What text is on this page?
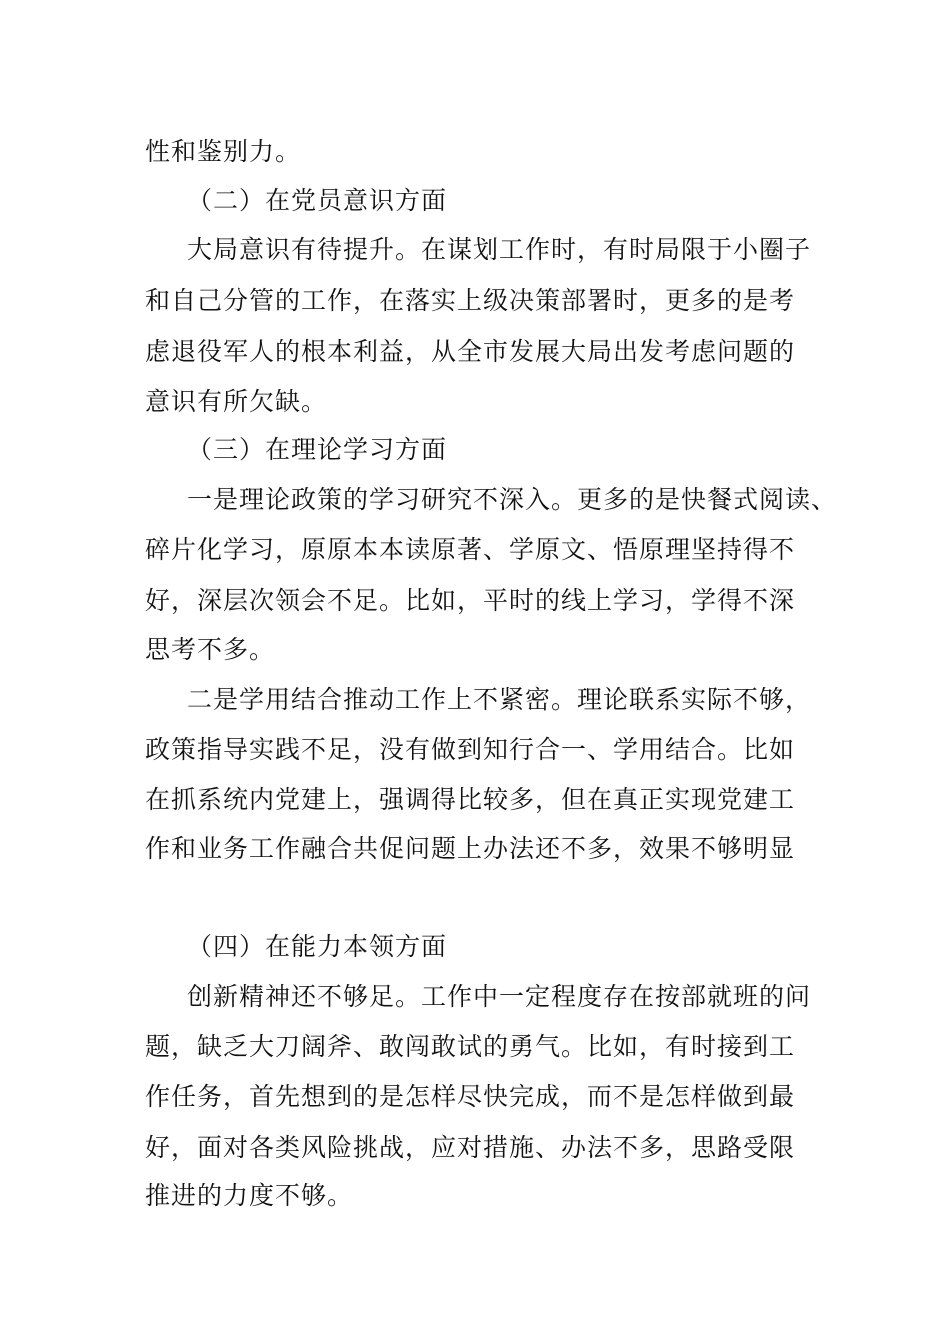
性和鉴别力。
（二）在党员意识方面
大局意识有待提升。在谋划工作时，有时局限于小圈子
和自己分管的工作，在落实上级决策部署时，更多的是考
虑退役军人的根本利益，从全市发展大局出发考虑问题的
意识有所欠缺。
（三）在理论学习方面
一是理论政策的学习研究不深入。更多的是快餐式阅读、
碎片化学习，原原本本读原著、学原文、悟原理坚持得不
好，深层次领会不足。比如，平时的线上学习，学得不深
思考不多。
二是学用结合推动工作上不紧密。理论联系实际不够，
政策指导实践不足，没有做到知行合一、学用结合。比如
在抓系统内党建上，强调得比较多，但在真正实现党建工
作和业务工作融合共促问题上办法还不多，效果不够明显
（四）在能力本领方面
创新精神还不够足。工作中一定程度存在按部就班的问
题，缺乏大刀阔斧、敢闯敢试的勇气。比如，有时接到工
作任务，首先想到的是怎样尽快完成，而不是怎样做到最
好，面对各类风险挑战，应对措施、办法不多，思路受限
推进的力度不够。
